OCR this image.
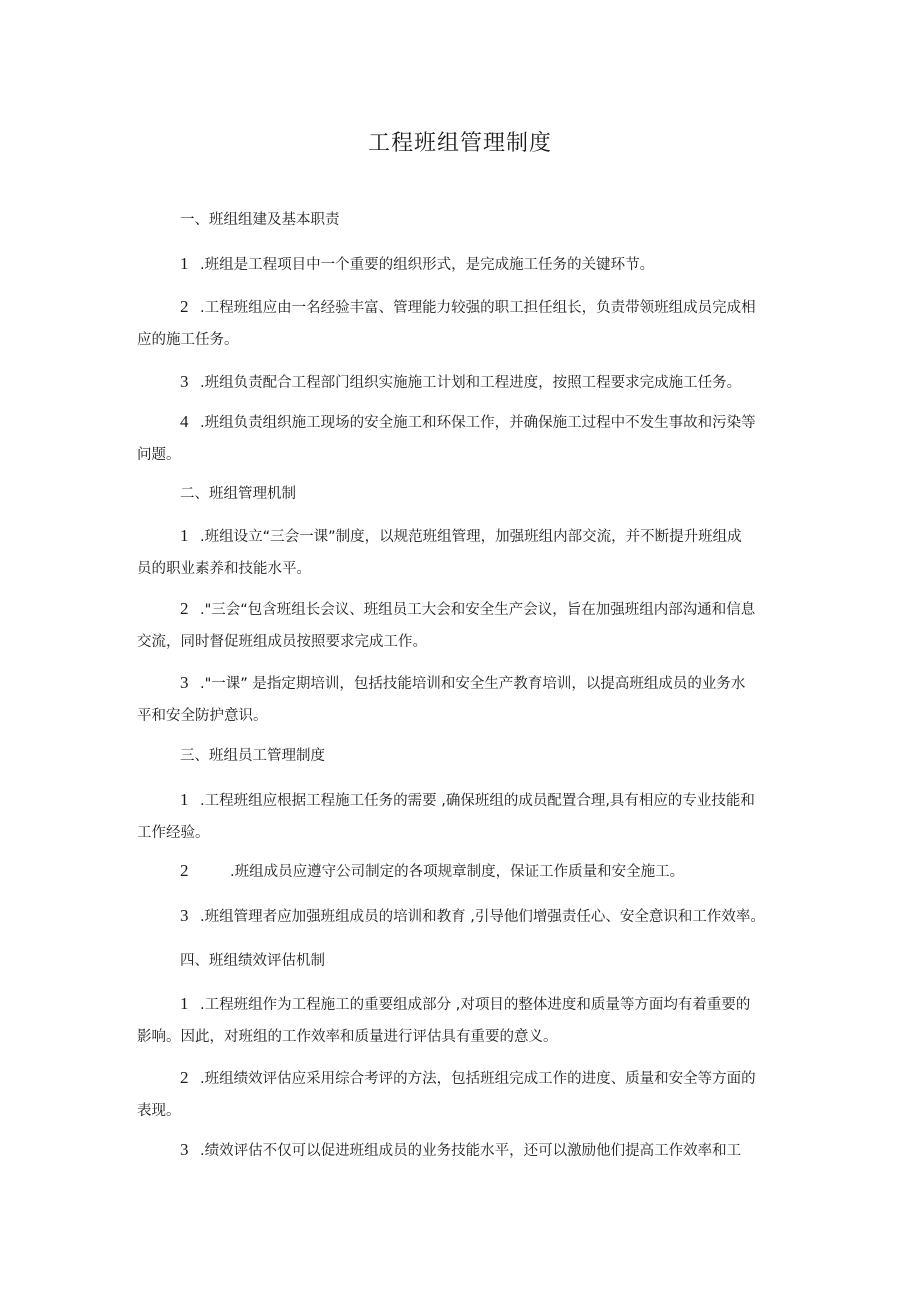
工程班组管理制度
一、班组组建及基本职责
1 .班组是工程项目中一个重要的组织形式，是完成施工任务的关键环节。
2 .工程班组应由一名经验丰富、管理能力较强的职工担任组长，负责带领班组成员完成相
应的施工任务。
3 .班组负责配合工程部门组织实施施工计划和工程进度，按照工程要求完成施工任务。
4 .班组负责组织施工现场的安全施工和环保工作，并确保施工过程中不发生事故和污染等
问题。
二、班组管理机制
1 .班组设立“三会一课”制度，以规范班组管理，加强班组内部交流，并不断提升班组成
员的职业素养和技能水平。
2 ."三会“包含班组长会议、班组员工大会和安全生产会议，旨在加强班组内部沟通和信息
交流，同时督促班组成员按照要求完成工作。
3 ."一课” 是指定期培训，包括技能培训和安全生产教育培训，以提高班组成员的业务水
平和安全防护意识。
三、班组员工管理制度
1 .工程班组应根据工程施工任务的需要 ,确保班组的成员配置合理,具有相应的专业技能和
工作经验。
2	.班组成员应遵守公司制定的各项规章制度，保证工作质量和安全施工。
3 .班组管理者应加强班组成员的培训和教育 ,引导他们增强责任心、安全意识和工作效率。
四、班组绩效评估机制
1 .工程班组作为工程施工的重要组成部分 ,对项目的整体进度和质量等方面均有着重要的
影响。因此，对班组的工作效率和质量进行评估具有重要的意义。
2 .班组绩效评估应采用综合考评的方法，包括班组完成工作的进度、质量和安全等方面的
表现。
3 .绩效评估不仅可以促进班组成员的业务技能水平，还可以激励他们提高工作效率和工
